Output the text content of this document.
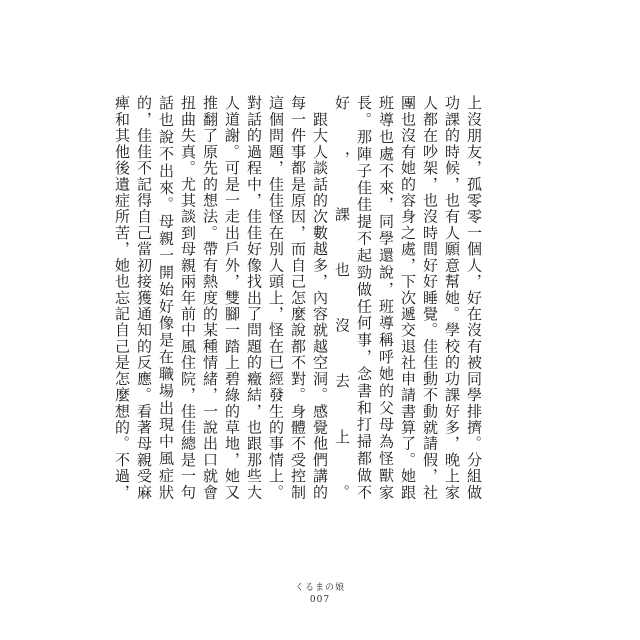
上沒朋友，孤零零一個人，好在沒有被同學排擠。分組做功課的時候，也有人願意幫她。學校的功課好多，晚上家人都在吵架，也沒時間好好睡覺。佳佳動不動就請假，社團也沒有她的容身之處，下次遞交退社申請書算了。她跟班導也處不來，同學還說，班導稱呼她的父母為怪獸家長。那陣子佳佳提不起勁做任何事，念書和打掃都做不好，課也沒去上。

　跟大人談話的次數越多，內容就越空洞。感覺他們講的每一件事都是原因，而自己怎麼說都不對。身體不受控制這個問題，佳佳怪在別人頭上，怪在已經發生的事情上。對話的過程中，佳佳好像找出了問題的癥結，也跟那些大人道謝。可是一走出戶外，雙腳一踏上碧綠的草地，她又推翻了原先的想法。帶有熱度的某種情緒，一說出口就會扭曲失真。尤其談到母親兩年前中風住院，佳佳總是一句話也說不出來。母親一開始好像是在職場出現中風症狀的，佳佳不記得自己當初接獲通知的反應。看著母親受麻痺和其他後遺症所苦，她也忘記自己是怎麼想的。不過，

くるまの娘
007
